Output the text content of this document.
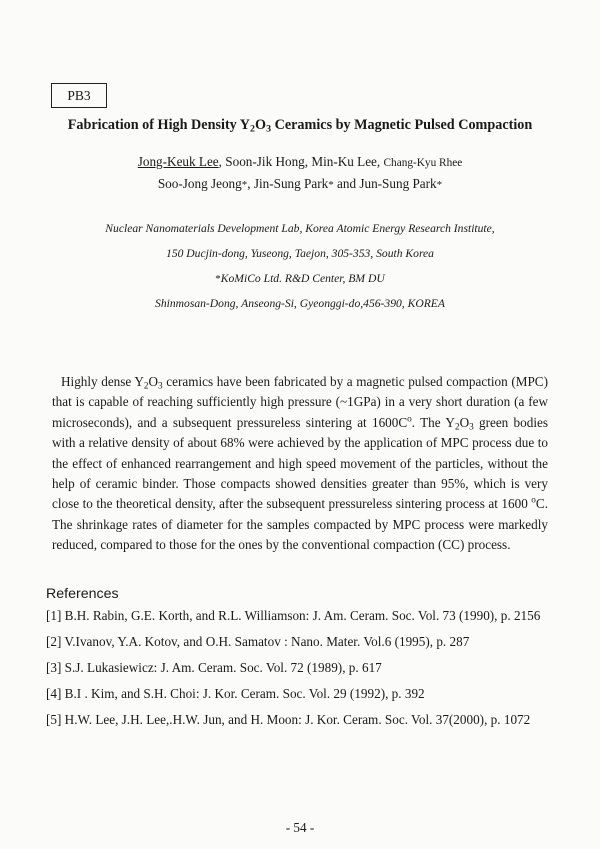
PB3
Fabrication of High Density $Y_2O_3$ Ceramics by Magnetic Pulsed Compaction
Jong-Keuk Lee, Soon-Jik Hong, Min-Ku Lee, Chang-Kyu Rhee
Soo-Jong Jeong*, Jin-Sung Park* and Jun-Sung Park*
Nuclear Nanomaterials Development Lab, Korea Atomic Energy Research Institute,
150 Ducjin-dong, Yuseong, Taejon, 305-353, South Korea
*KoMiCo Ltd. R&D Center, BM DU
Shinmosan-Dong, Anseong-Si, Gyeonggi-do,456-390, KOREA

Highly dense $Y_2O_3$ ceramics have been fabricated by a magnetic pulsed compaction (MPC) that is capable of reaching sufficiently high pressure (~1GPa) in a very short duration (a few microseconds), and a subsequent pressureless sintering at $1600C^o$. The $Y_2O_3$ green bodies with a relative density of about 68% were achieved by the application of MPC process due to the effect of enhanced rearrangement and high speed movement of the particles, without the help of ceramic binder. Those compacts showed densities greater than 95%, which is very close to the theoretical density, after the subsequent pressureless sintering process at 1600 $^o$C. The shrinkage rates of diameter for the samples compacted by MPC process were markedly reduced, compared to those for the ones by the conventional compaction (CC) process.

References
[1] B.H. Rabin, G.E. Korth, and R.L. Williamson: J. Am. Ceram. Soc. Vol. 73 (1990), p. 2156
[2] V.Ivanov, Y.A. Kotov, and O.H. Samatov : Nano. Mater. Vol.6 (1995), p. 287
[3] S.J. Lukasiewicz: J. Am. Ceram. Soc. Vol. 72 (1989), p. 617
[4] B.I . Kim, and S.H. Choi: J. Kor. Ceram. Soc. Vol. 29 (1992), p. 392
[5] H.W. Lee, J.H. Lee,.H.W. Jun, and H. Moon: J. Kor. Ceram. Soc. Vol. 37(2000), p. 1072
- 54 -
